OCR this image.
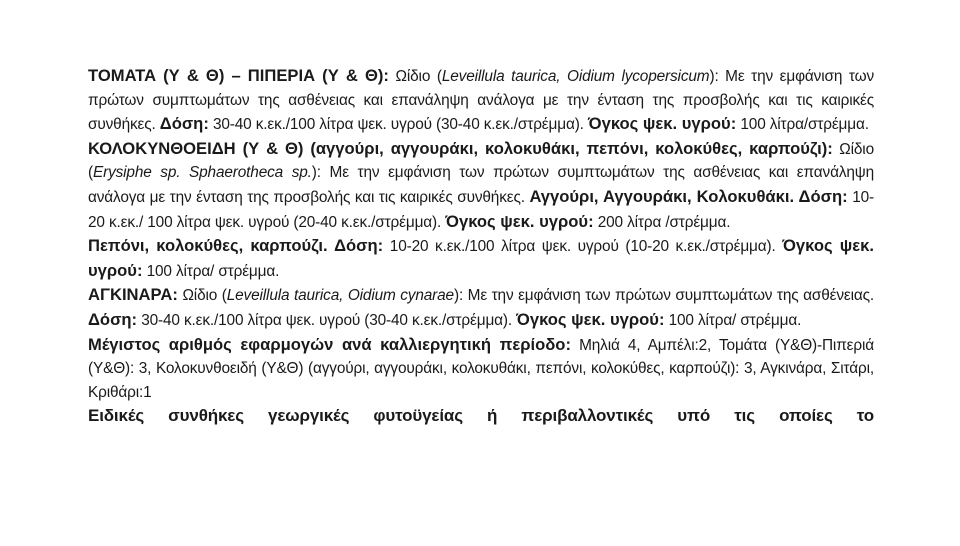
ΤΟΜΑΤΑ (Υ & Θ) – ΠΙΠΕΡΙΑ (Υ & Θ): Ωίδιο (Leveillula taurica, Oidium lycopersicum): Με την εμφάνιση των πρώτων συμπτωμάτων της ασθένειας και επανάληψη ανάλογα με την ένταση της προσβολής και τις καιρικές συνθήκες. Δόση: 30-40 κ.εκ./100 λίτρα ψεκ. υγρού (30-40 κ.εκ./στρέμμα). Όγκος ψεκ. υγρού: 100 λίτρα/στρέμμα.

ΚΟΛΟΚΥΝΘΟΕΙΔΗ (Υ & Θ) (αγγούρι, αγγουράκι, κολοκυθάκι, πεπόνι, κολοκύθες, καρπούζι): Ωίδιο (Erysiphe sp. Sphaerotheca sp.): Με την εμφάνιση των πρώτων συμπτωμάτων της ασθένειας και επανάληψη ανάλογα με την ένταση της προσβολής και τις καιρικές συνθήκες. Αγγούρι, Αγγουράκι, Κολοκυθάκι. Δόση: 10-20 κ.εκ./ 100 λίτρα ψεκ. υγρού (20-40 κ.εκ./στρέμμα). Όγκος ψεκ. υγρού: 200 λίτρα /στρέμμα.

Πεπόνι, κολοκύθες, καρπούζι. Δόση: 10-20 κ.εκ./100 λίτρα ψεκ. υγρού (10-20 κ.εκ./στρέμμα). Όγκος ψεκ. υγρού: 100 λίτρα/ στρέμμα.

ΑΓΚΙΝΑΡΑ: Ωίδιο (Leveillula taurica, Oidium cynarae): Με την εμφάνιση των πρώτων συμπτωμάτων της ασθένειας. Δόση: 30-40 κ.εκ./100 λίτρα ψεκ. υγρού (30-40 κ.εκ./στρέμμα). Όγκος ψεκ. υγρού: 100 λίτρα/ στρέμμα.

Μέγιστος αριθμός εφαρμογών ανά καλλιεργητική περίοδο: Μηλιά 4, Αμπέλι:2, Τομάτα (Υ&Θ)-Πιπεριά (Υ&Θ): 3, Κολοκυνθοειδή (Υ&Θ) (αγγούρι, αγγουράκι, κολοκυθάκι, πεπόνι, κολοκύθες, καρπούζι): 3, Αγκινάρα, Σιτάρι, Κριθάρι:1

Ειδικές συνθήκες γεωργικές φυτοϋγείας ή περιβαλλοντικές υπό τις οποίες το
